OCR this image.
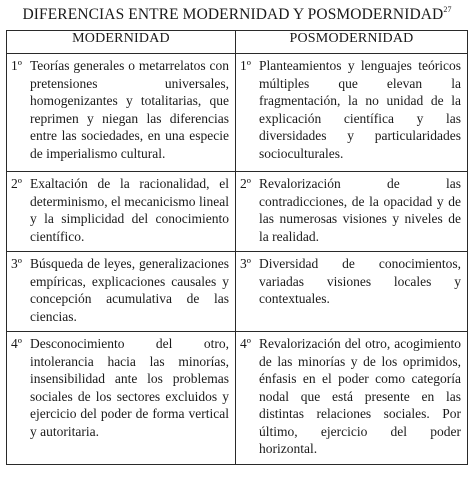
DIFERENCIAS ENTRE MODERNIDAD Y POSMODERNIDAD$^{27}$
MODERNIDAD	POSMODERNIDAD

1º Teorías generales o metarrelatos con pretensiones universales, homogenizantes y totalitarias, que reprimen y niegan las diferencias entre las sociedades, en una especie de imperialismo cultural.	1º Planteamientos y lenguajes teóricos múltiples que elevan la fragmentación, la no unidad de la explicación científica y las diversidades y particularidades socioculturales.

2º Exaltación de la racionalidad, el determinismo, el mecanicismo lineal y la simplicidad del conocimiento científico.	2º Revalorización de las contradicciones, de la opacidad y de las numerosas visiones y niveles de la realidad.

3º Búsqueda de leyes, generalizaciones empíricas, explicaciones causales y concepción acumulativa de las ciencias.	3º Diversidad de conocimientos, variadas visiones locales y contextuales.

4º Desconocimiento del otro, intolerancia hacia las minorías, insensibilidad ante los problemas sociales de los sectores excluidos y ejercicio del poder de forma vertical y autoritaria.	4º Revalorización del otro, acogimiento de las minorías y de los oprimidos, énfasis en el poder como categoría nodal que está presente en las distintas relaciones sociales. Por último, ejercicio del poder horizontal.
